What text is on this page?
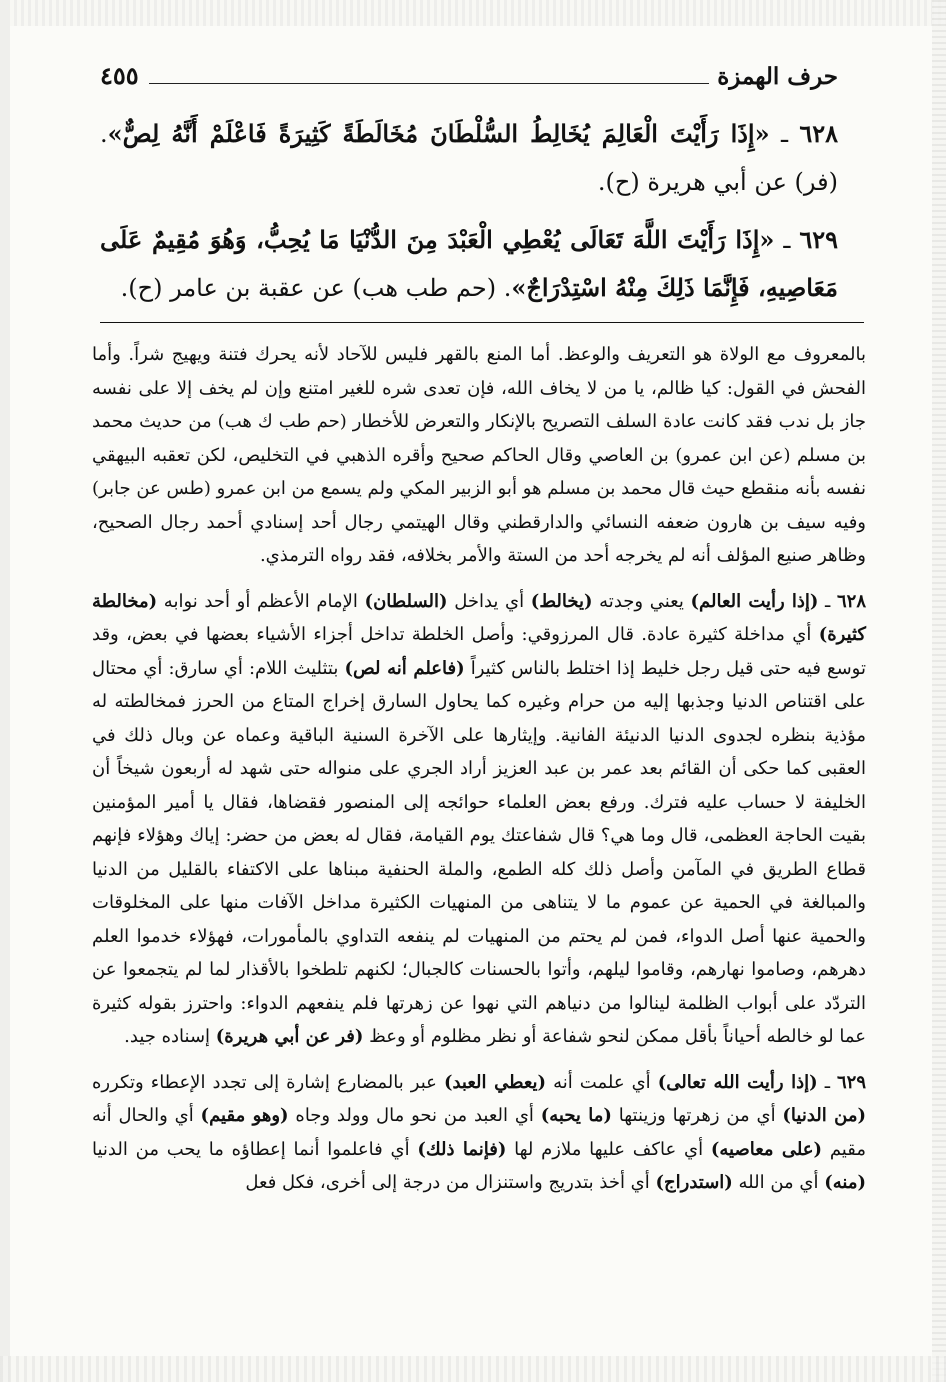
حرف الهمزة
٤٥٥

٦٢٨ ـ «إِذَا رَأَيْتَ الْعَالِمَ يُخَالِطُ السُّلْطَانَ مُخَالَطَةً كَثِيرَةً فَاعْلَمْ أَنَّهُ لِصٌّ». (فر) عن أبي هريرة (ح).

٦٢٩ ـ «إِذَا رَأَيْتَ اللَّهَ تَعَالَى يُعْطِي الْعَبْدَ مِنَ الدُّنْيَا مَا يُحِبُّ، وَهُوَ مُقِيمٌ عَلَى مَعَاصِيهِ، فَإِنَّمَا ذَلِكَ مِنْهُ اسْتِدْرَاجٌ». (حم طب هب) عن عقبة بن عامر (ح).

بالمعروف مع الولاة هو التعريف والوعظ. أما المنع بالقهر فليس للآحاد لأنه يحرك فتنة ويهيج شراً. وأما الفحش في القول: كيا ظالم، يا من لا يخاف الله، فإن تعدى شره للغير امتنع وإن لم يخف إلا على نفسه جاز بل ندب فقد كانت عادة السلف التصريح بالإنكار والتعرض للأخطار (حم طب ك هب) من حديث محمد بن مسلم (عن ابن عمرو) بن العاصي وقال الحاكم صحيح وأقره الذهبي في التخليص، لكن تعقبه البيهقي نفسه بأنه منقطع حيث قال محمد بن مسلم هو أبو الزبير المكي ولم يسمع من ابن عمرو (طس عن جابر) وفيه سيف بن هارون ضعفه النسائي والدارقطني وقال الهيتمي رجال أحد إسنادي أحمد رجال الصحيح، وظاهر صنيع المؤلف أنه لم يخرجه أحد من الستة والأمر بخلافه، فقد رواه الترمذي.

٦٢٨ ـ (إذا رأيت العالم) يعني وجدته (يخالط) أي يداخل (السلطان) الإمام الأعظم أو أحد نوابه (مخالطة كثيرة) أي مداخلة كثيرة عادة. قال المرزوقي: وأصل الخلطة تداخل أجزاء الأشياء بعضها في بعض، وقد توسع فيه حتى قيل رجل خليط إذا اختلط بالناس كثيراً (فاعلم أنه لص) بتثليث اللام: أي سارق: أي محتال على اقتناص الدنيا وجذبها إليه من حرام وغيره كما يحاول السارق إخراج المتاع من الحرز فمخالطته له مؤذية بنظره لجدوى الدنيا الدنيئة الفانية. وإيثارها على الآخرة السنية الباقية وعماه عن وبال ذلك في العقبى كما حكى أن القائم بعد عمر بن عبد العزيز أراد الجري على منواله حتى شهد له أربعون شيخاً أن الخليفة لا حساب عليه فترك. ورفع بعض العلماء حوائجه إلى المنصور فقضاها، فقال يا أمير المؤمنين بقيت الحاجة العظمى، قال وما هي؟ قال شفاعتك يوم القيامة، فقال له بعض من حضر: إياك وهؤلاء فإنهم قطاع الطريق في المآمن وأصل ذلك كله الطمع، والملة الحنفية مبناها على الاكتفاء بالقليل من الدنيا والمبالغة في الحمية عن عموم ما لا يتناهى من المنهيات الكثيرة مداخل الآفات منها على المخلوقات والحمية عنها أصل الدواء، فمن لم يحتم من المنهيات لم ينفعه التداوي بالمأمورات، فهؤلاء خدموا العلم دهرهم، وصاموا نهارهم، وقاموا ليلهم، وأتوا بالحسنات كالجبال؛ لكنهم تلطخوا بالأقذار لما لم يتجمعوا عن التردّد على أبواب الظلمة لينالوا من دنياهم التي نهوا عن زهرتها فلم ينفعهم الدواء: واحترز بقوله كثيرة عما لو خالطه أحياناً بأقل ممكن لنحو شفاعة أو نظر مظلوم أو وعظ (فر عن أبي هريرة) إسناده جيد.

٦٢٩ ـ (إذا رأيت الله تعالى) أي علمت أنه (يعطي العبد) عبر بالمضارع إشارة إلى تجدد الإعطاء وتكرره (من الدنيا) أي من زهرتها وزينتها (ما يحبه) أي العبد من نحو مال وولد وجاه (وهو مقيم) أي والحال أنه مقيم (على معاصيه) أي عاكف عليها ملازم لها (فإنما ذلك) أي فاعلموا أنما إعطاؤه ما يحب من الدنيا (منه) أي من الله (استدراج) أي أخذ بتدريج واستنزال من درجة إلى أخرى، فكل فعل
